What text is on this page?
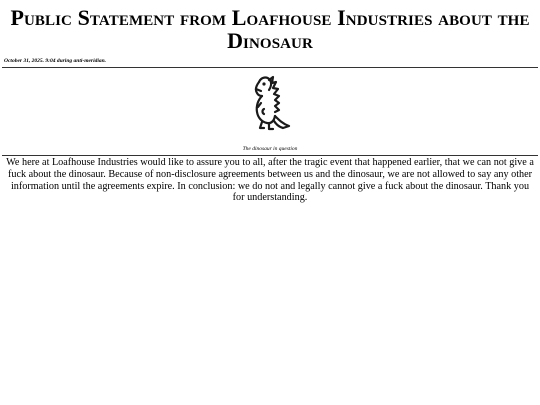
Public Statement from Loafhouse Industries about the Dinosaur
October 31, 2025. 9:04 during anti-meridian.
The dinosaur in question

We here at Loafhouse Industries would like to assure you to all, after the tragic event that happened earlier, that we can not give a fuck about the dinosaur. Because of non-disclosure agreements between us and the dinosaur, we are not allowed to say any other information until the agreements expire. In conclusion: we do not and legally cannot give a fuck about the dinosaur. Thank you for understanding.
